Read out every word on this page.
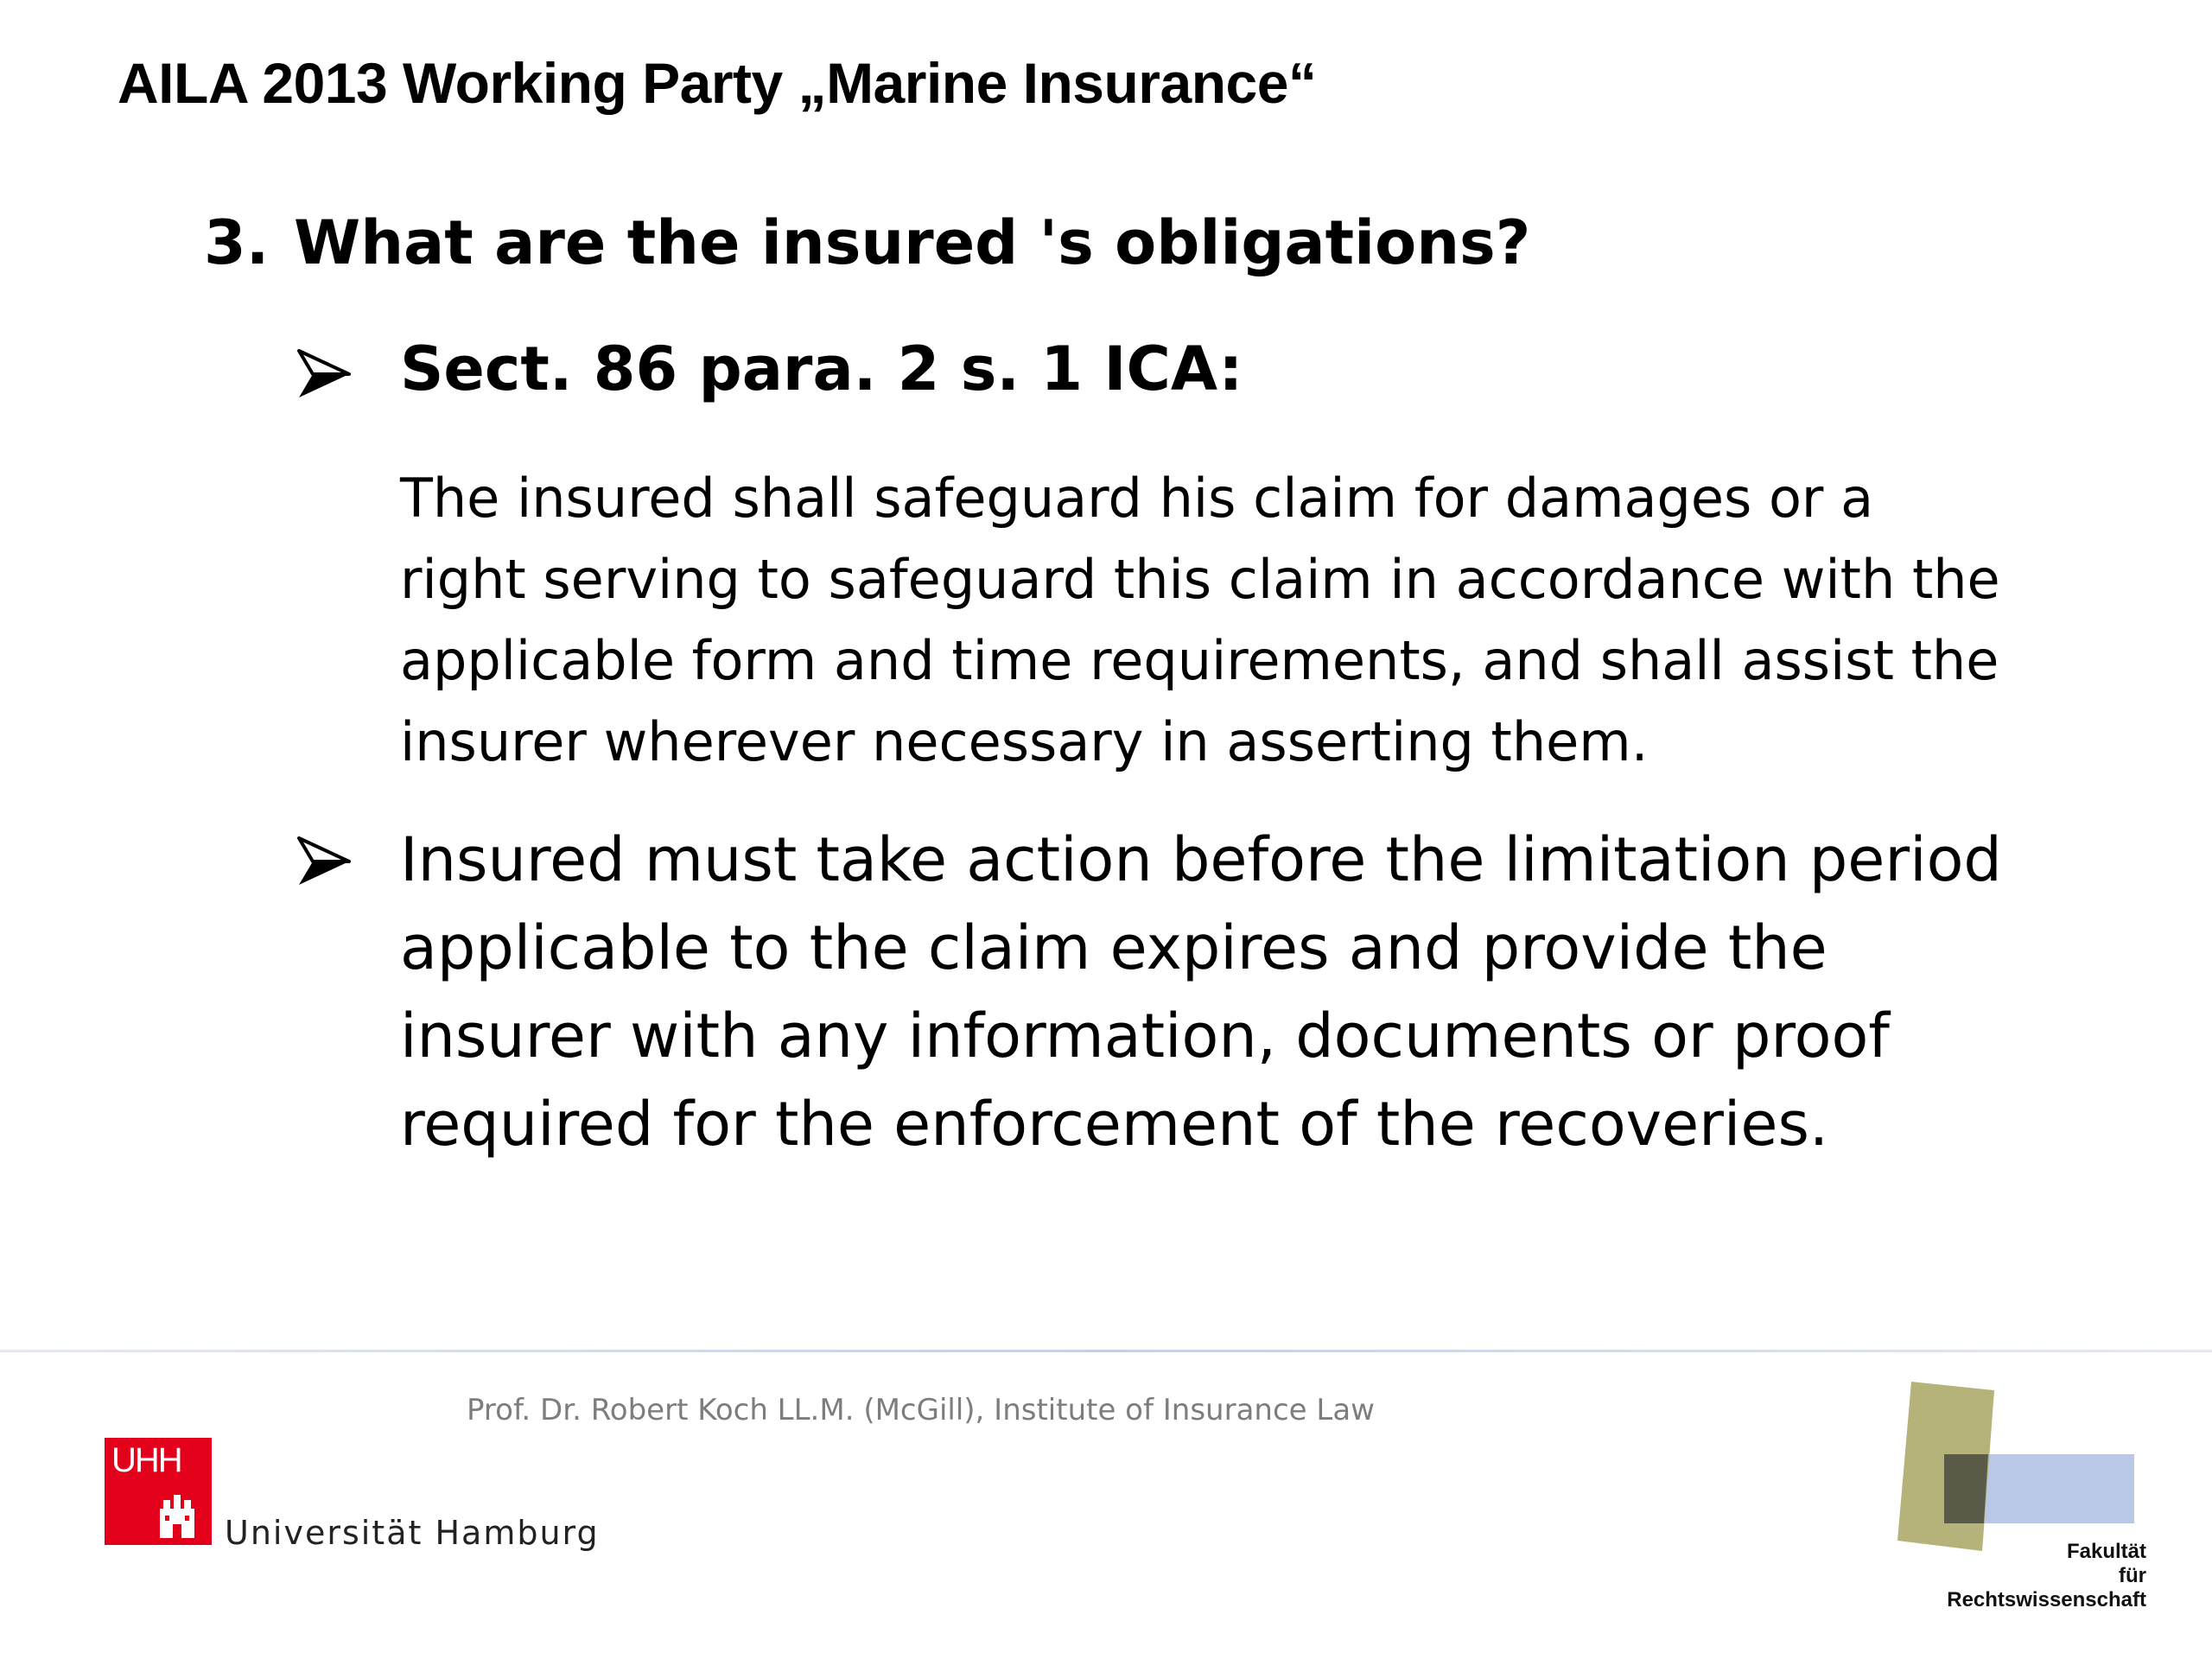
AILA 2013 Working Party „Marine Insurance“
3. What are the insured 's obligations?
Sect. 86 para. 2 s. 1 ICA:

The insured shall safeguard his claim for damages or a right serving to safeguard this claim in accordance with the applicable form and time requirements, and shall assist the insurer wherever necessary in asserting them.

Insured must take action before the limitation period applicable to the claim expires and provide the insurer with any information, documents or proof required for the enforcement of the recoveries.

Prof. Dr. Robert Koch LL.M. (McGill), Institute of Insurance Law
UHH
Universität Hamburg	Fakultät
für
Rechtswissenschaft
